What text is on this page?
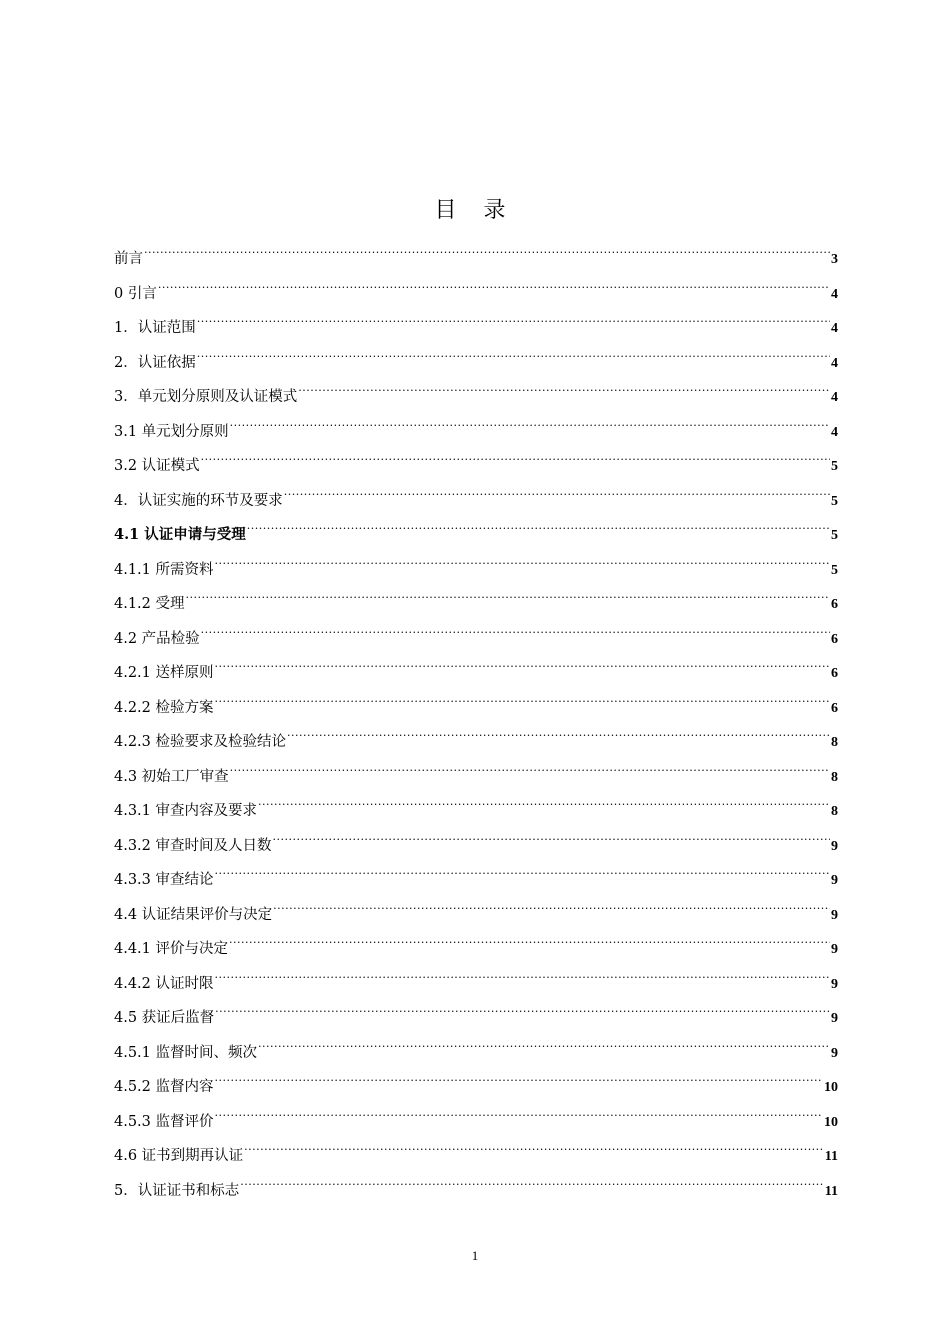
目 录
前言 .....	3
0 引言 .....	4
1．认证范围 .....	4
2．认证依据 .....	4
3．单元划分原则及认证模式 .....	4
3.1 单元划分原则 .....	4
3.2 认证模式 .....	5
4．认证实施的环节及要求 .....	5
4.1 认证申请与受理 .....	5
4.1.1 所需资料 .....	5
4.1.2 受理 .....	6
4.2 产品检验 .....	6
4.2.1 送样原则 .....	6
4.2.2 检验方案 .....	6
4.2.3 检验要求及检验结论 .....	8
4.3 初始工厂审查 .....	8
4.3.1 审查内容及要求 .....	8
4.3.2 审查时间及人日数 .....	9
4.3.3 审查结论 .....	9
4.4 认证结果评价与决定 .....	9
4.4.1 评价与决定 .....	9
4.4.2 认证时限 .....	9
4.5 获证后监督 .....	9
4.5.1 监督时间、频次 .....	9
4.5.2 监督内容 .....	10
4.5.3 监督评价 .....	10
4.6 证书到期再认证 .....	11
5．认证证书和标志 .....	11
1
